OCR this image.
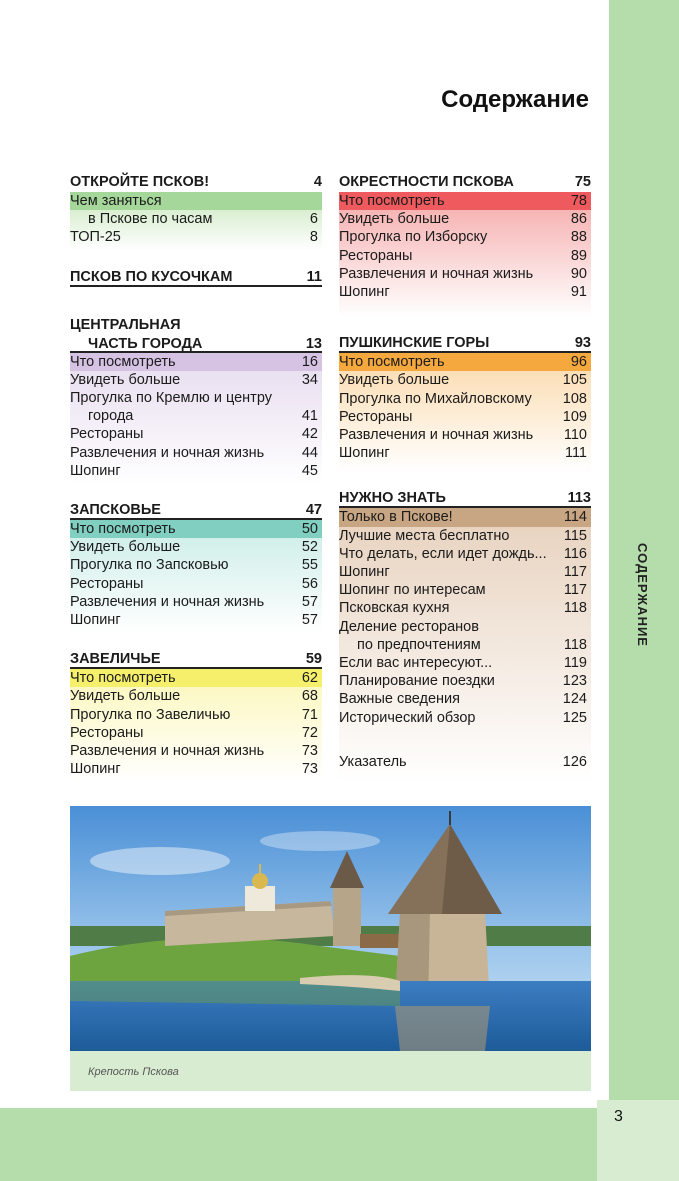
СОДЕРЖАНИЕ
3
Содержание
ОТКРОЙТЕ ПСКОВ!	4
Чем заняться
в Пскове по часам	6
ТОП-25	8
ПСКОВ ПО КУСОЧКАМ	11
ЦЕНТРАЛЬНАЯ
ЧАСТЬ ГОРОДА	13
Что посмотреть	16
Увидеть больше	34
Прогулка по Кремлю и центру
города	41
Рестораны	42
Развлечения и ночная жизнь	44
Шопинг	45
ЗАПСКОВЬЕ	47
Что посмотреть	50
Увидеть больше	52
Прогулка по Запсковью	55
Рестораны	56
Развлечения и ночная жизнь	57
Шопинг	57
ЗАВЕЛИЧЬЕ	59
Что посмотреть	62
Увидеть больше	68
Прогулка по Завеличью	71
Рестораны	72
Развлечения и ночная жизнь	73
Шопинг	73
ОКРЕСТНОСТИ ПСКОВА	75
Что посмотреть	78
Увидеть больше	86
Прогулка по Изборску	88
Рестораны	89
Развлечения и ночная жизнь	90
Шопинг	91
ПУШКИНСКИЕ ГОРЫ	93
Что посмотреть	96
Увидеть больше	105
Прогулка по Михайловскому 108
Рестораны	109
Развлечения и ночная жизнь 110
Шопинг	111
НУЖНО ЗНАТЬ	113
Только в Пскове!	114
Лучшие места бесплатно	115
Что делать, если идет дождь... 116
Шопинг	117
Шопинг по интересам	117
Псковская кухня	118
Деление ресторанов
по предпочтениям	118
Если вас интересуют...	119
Планирование поездки	123
Важные сведения	124
Исторический обзор	125
Указатель	126
Крепость Пскова
